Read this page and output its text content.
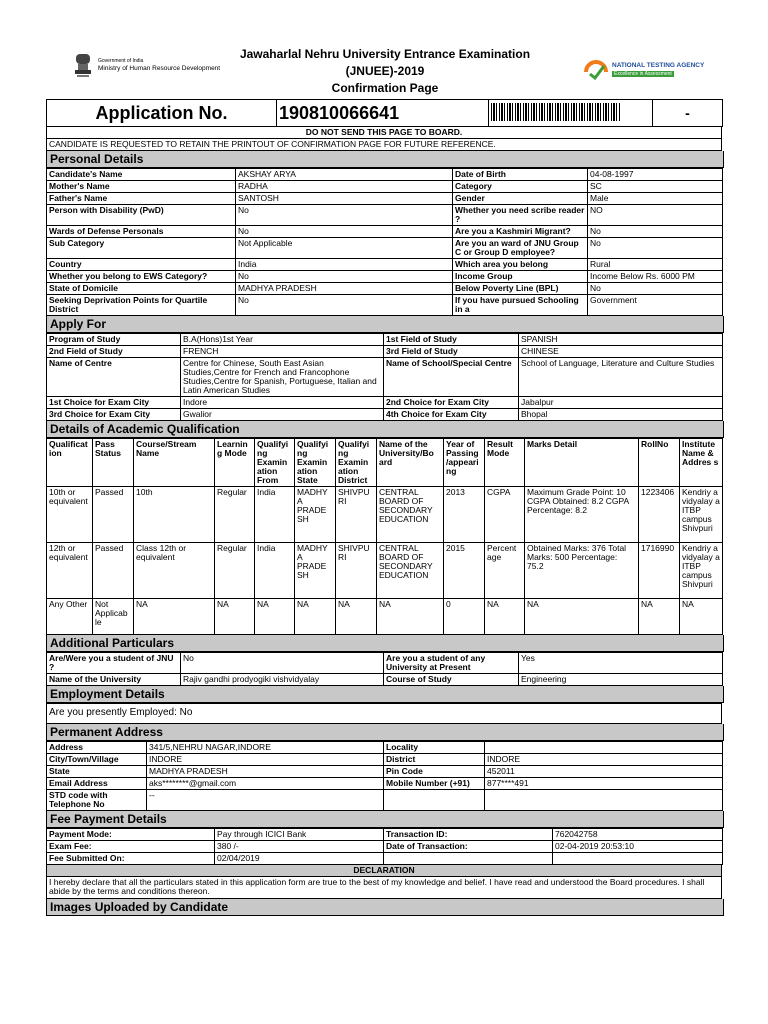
Government of India
Ministry of Human Resource Development	NATIONAL TESTING AGENCY
Excellence in Assessment
Jawaharlal Nehru University Entrance Examination
(JNUEE)-2019
Confirmation Page
Application No.	190810066641		-
DO NOT SEND THIS PAGE TO BOARD.
CANDIDATE IS REQUESTED TO RETAIN THE PRINTOUT OF CONFIRMATION PAGE FOR FUTURE REFERENCE.
Personal Details
Candidate's Name	AKSHAY ARYA	Date of Birth	04-08-1997
Mother's Name	RADHA	Category	SC
Father's Name	SANTOSH	Gender	Male
Person with Disability (PwD)	No	Whether you need scribe reader ?	NO
Wards of Defense Personals	No	Are you a Kashmiri Migrant?	No
Sub Category	Not Applicable	Are you an ward of JNU Group C or Group D employee?	No
Country	India	Which area you belong	Rural
Whether you belong to EWS Category?	No	Income Group	Income Below Rs. 6000 PM
State of Domicile	MADHYA PRADESH	Below Poverty Line (BPL)	No
Seeking Deprivation Points for Quartile District	No	If you have pursued Schooling in a	Government
Apply For
Program of Study	B.A(Hons)1st Year	1st Field of Study	SPANISH
2nd Field of Study	FRENCH	3rd Field of Study	CHINESE
Name of Centre	Centre for Chinese, South East Asian Studies,Centre for French and Francophone Studies,Centre for Spanish, Portuguese, Italian and Latin American Studies	Name of School/Special Centre	School of Language, Literature and Culture Studies
1st Choice for Exam City	Indore	2nd Choice for Exam City	Jabalpur
3rd Choice for Exam City	Gwalior	4th Choice for Exam City	Bhopal
Details of Academic Qualification
Qualificat ion	Pass Status	Course/Stream Name	Learnin g Mode	Qualifyi ng Examin ation From	Qualifyi ng Examin ation State	Qualifyi ng Examin ation District	Name of the University/Bo ard	Year of Passing /appeari ng	Result Mode	Marks Detail	RollNo	Institute Name & Addres s
10th or equivalent	Passed	10th	Regular	India	MADHY A PRADE SH	SHIVPU RI	CENTRAL BOARD OF SECONDARY EDUCATION	2013	CGPA	Maximum Grade Point: 10 CGPA Obtained: 8.2 CGPA Percentage: 8.2	1223406	Kendriy a vidyalay a ITBP campus Shivpuri
12th or equivalent	Passed	Class 12th or equivalent	Regular	India	MADHY A PRADE SH	SHIVPU RI	CENTRAL BOARD OF SECONDARY EDUCATION	2015	Percent age	Obtained Marks: 376 Total Marks: 500 Percentage: 75.2	1716990	Kendriy a vidyalay a ITBP campus Shivpuri
Any Other	Not Applicab le	NA	NA	NA	NA	NA	NA	0	NA	NA	NA	NA
Additional Particulars
Are/Were you a student of JNU ?	No	Are you a student of any University at Present	Yes
Name of the University	Rajiv gandhi prodyogiki vishvidyalay	Course of Study	Engineering
Employment Details
Are you presently Employed: No
Permanent Address
Address	341/5,NEHRU NAGAR,INDORE	Locality	
City/Town/Village	INDORE	District	INDORE
State	MADHYA PRADESH	Pin Code	452011
Email Address	aks********@gmail.com	Mobile Number (+91)	877****491
STD code with Telephone No	--		
Fee Payment Details
Payment Mode:	Pay through ICICI Bank	Transaction ID:	762042758
Exam Fee:	380 /-	Date of Transaction:	02-04-2019 20:53:10
Fee Submitted On:	02/04/2019		
DECLARATION
I hereby declare that all the particulars stated in this application form are true to the best of my knowledge and belief. I have read and understood the Board procedures. I shall abide by the terms and conditions thereon.
Images Uploaded by Candidate
